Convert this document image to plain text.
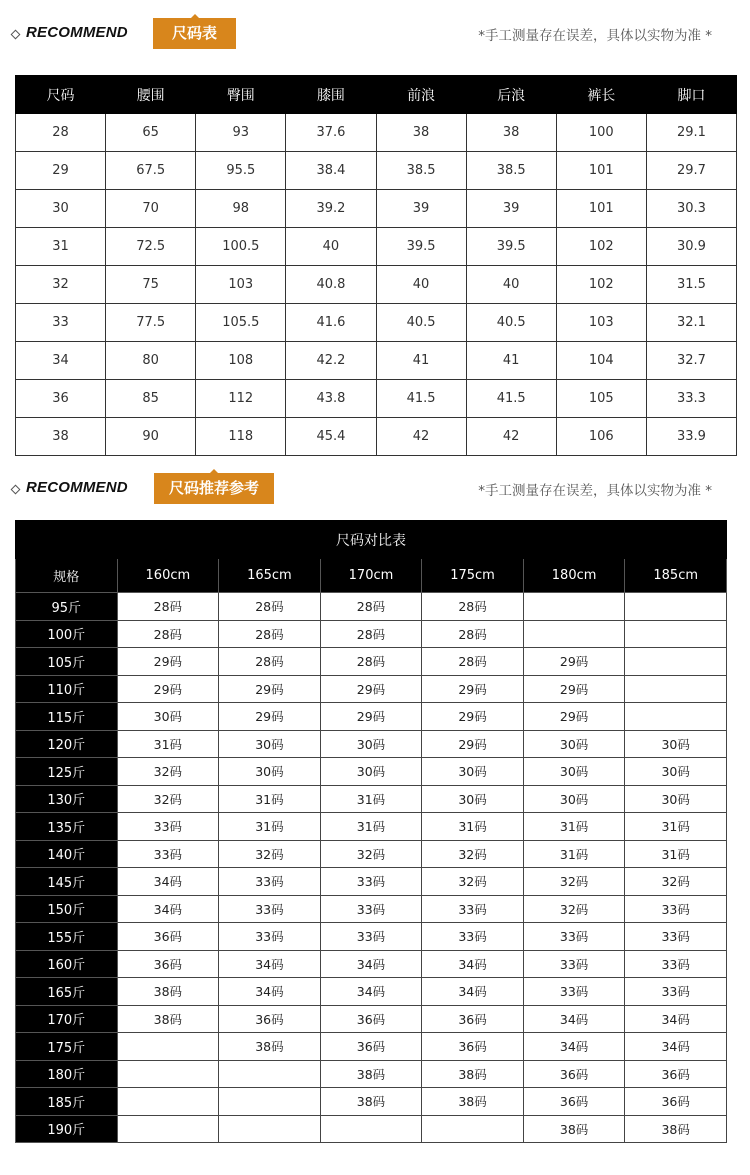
RECOMMEND	尺码表	*手工测量存在误差，具体以实物为准 *
尺码	腰围	臀围	膝围	前浪	后浪	裤长	脚口
28	65	93	37.6	38	38	100	29.1
29	67.5	95.5	38.4	38.5	38.5	101	29.7
30	70	98	39.2	39	39	101	30.3
31	72.5	100.5	40	39.5	39.5	102	30.9
32	75	103	40.8	40	40	102	31.5
33	77.5	105.5	41.6	40.5	40.5	103	32.1
34	80	108	42.2	41	41	104	32.7
36	85	112	43.8	41.5	41.5	105	33.3
38	90	118	45.4	42	42	106	33.9
RECOMMEND	尺码推荐参考	*手工测量存在误差，具体以实物为准 *
尺码对比表						
规格	160cm	165cm	170cm	175cm	180cm	185cm
95斤	28码	28码	28码	28码		
100斤	28码	28码	28码	28码		
105斤	29码	28码	28码	28码	29码	
110斤	29码	29码	29码	29码	29码	
115斤	30码	29码	29码	29码	29码	
120斤	31码	30码	30码	29码	30码	30码
125斤	32码	30码	30码	30码	30码	30码
130斤	32码	31码	31码	30码	30码	30码
135斤	33码	31码	31码	31码	31码	31码
140斤	33码	32码	32码	32码	31码	31码
145斤	34码	33码	33码	32码	32码	32码
150斤	34码	33码	33码	33码	32码	33码
155斤	36码	33码	33码	33码	33码	33码
160斤	36码	34码	34码	34码	33码	33码
165斤	38码	34码	34码	34码	33码	33码
170斤	38码	36码	36码	36码	34码	34码
175斤		38码	36码	36码	34码	34码
180斤			38码	38码	36码	36码
185斤			38码	38码	36码	36码
190斤					38码	38码
